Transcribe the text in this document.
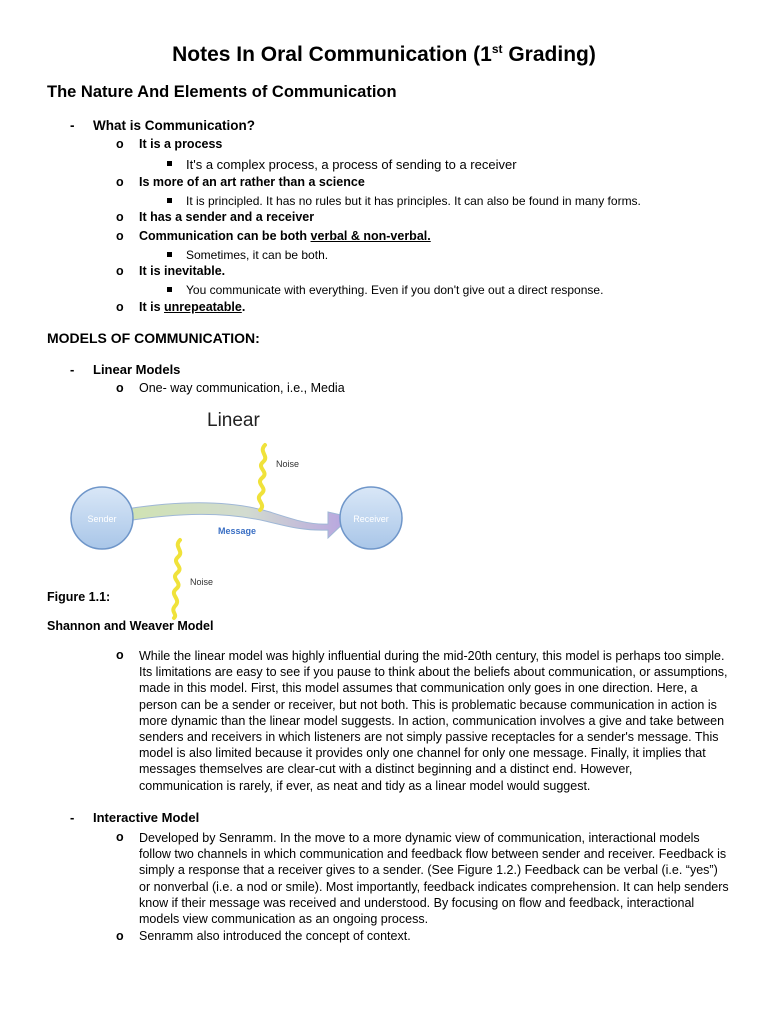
Notes In Oral Communication (1st Grading)
The Nature And Elements of Communication
- What is Communication?
o It is a process
It's a complex process, a process of sending to a receiver
o Is more of an art rather than a science
It is principled. It has no rules but it has principles. It can also be found in many forms.
o It has a sender and a receiver
o Communication can be both verbal & non-verbal.
Sometimes, it can be both.
o It is inevitable.
You communicate with everything. Even if you don't give out a direct response.
o It is unrepeatable.
MODELS OF COMMUNICATION:
- Linear Models
o One- way communication, i.e., Media
Linear
Sender	Receiver
Message
Noise
Noise
Figure 1.1:
Shannon and Weaver Model
o While the linear model was highly influential during the mid-20th century, this model is perhaps too simple.
Its limitations are easy to see if you pause to think about the beliefs about communication, or assumptions,
made in this model. First, this model assumes that communication only goes in one direction. Here, a
person can be a sender or receiver, but not both. This is problematic because communication in action is
more dynamic than the linear model suggests. In action, communication involves a give and take between
senders and receivers in which listeners are not simply passive receptacles for a sender's message. This
model is also limited because it provides only one channel for only one message. Finally, it implies that
messages themselves are clear-cut with a distinct beginning and a distinct end. However,
communication is rarely, if ever, as neat and tidy as a linear model would suggest.
- Interactive Model
o Developed by Senramm. In the move to a more dynamic view of communication, interactional models
follow two channels in which communication and feedback flow between sender and receiver. Feedback is
simply a response that a receiver gives to a sender. (See Figure 1.2.) Feedback can be verbal (i.e. “yes”)
or nonverbal (i.e. a nod or smile). Most importantly, feedback indicates comprehension. It can help senders
know if their message was received and understood. By focusing on flow and feedback, interactional
models view communication as an ongoing process.
o Senramm also introduced the concept of context.
